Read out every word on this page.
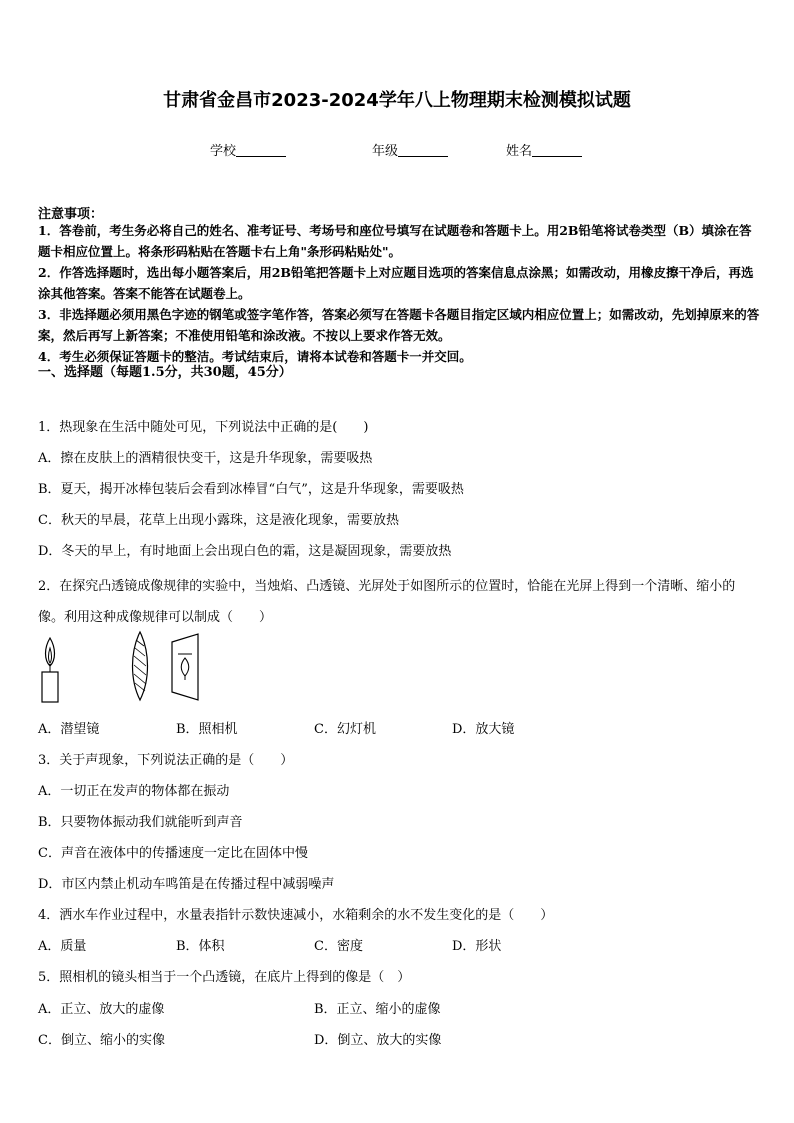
甘肃省金昌市2023-2024学年八上物理期末检测模拟试题
学校	年级	姓名
注意事项：
1．答卷前，考生务必将自己的姓名、准考证号、考场号和座位号填写在试题卷和答题卡上。用2B铅笔将试卷类型（B）填涂在答题卡相应位置上。将条形码粘贴在答题卡右上角"条形码粘贴处"。
2．作答选择题时，选出每小题答案后，用2B铅笔把答题卡上对应题目选项的答案信息点涂黑；如需改动，用橡皮擦干净后，再选涂其他答案。答案不能答在试题卷上。
3．非选择题必须用黑色字迹的钢笔或签字笔作答，答案必须写在答题卡各题目指定区域内相应位置上；如需改动，先划掉原来的答案，然后再写上新答案；不准使用铅笔和涂改液。不按以上要求作答无效。
4．考生必须保证答题卡的整洁。考试结束后，请将本试卷和答题卡一并交回。
一、选择题（每题1.5分，共30题，45分）
1．热现象在生活中随处可见，下列说法中正确的是(　　)
A．擦在皮肤上的酒精很快变干，这是升华现象，需要吸热
B．夏天，揭开冰棒包装后会看到冰棒冒“白气”，这是升华现象，需要吸热
C．秋天的早晨，花草上出现小露珠，这是液化现象，需要放热
D．冬天的早上，有时地面上会出现白色的霜，这是凝固现象，需要放热
2．在探究凸透镜成像规律的实验中，当烛焰、凸透镜、光屏处于如图所示的位置时，恰能在光屏上得到一个清晰、缩小的像。利用这种成像规律可以制成（　　）
A．潜望镜	B．照相机	C．幻灯机	D．放大镜
3．关于声现象，下列说法正确的是（　　）
A．一切正在发声的物体都在振动
B．只要物体振动我们就能听到声音
C．声音在液体中的传播速度一定比在固体中慢
D．市区内禁止机动车鸣笛是在传播过程中减弱噪声
4．洒水车作业过程中，水量表指针示数快速减小，水箱剩余的水不发生变化的是（　　）
A．质量	B．体积	C．密度	D．形状
5．照相机的镜头相当于一个凸透镜，在底片上得到的像是（　）
A．正立、放大的虚像	B．正立、缩小的虚像
C．倒立、缩小的实像	D．倒立、放大的实像
